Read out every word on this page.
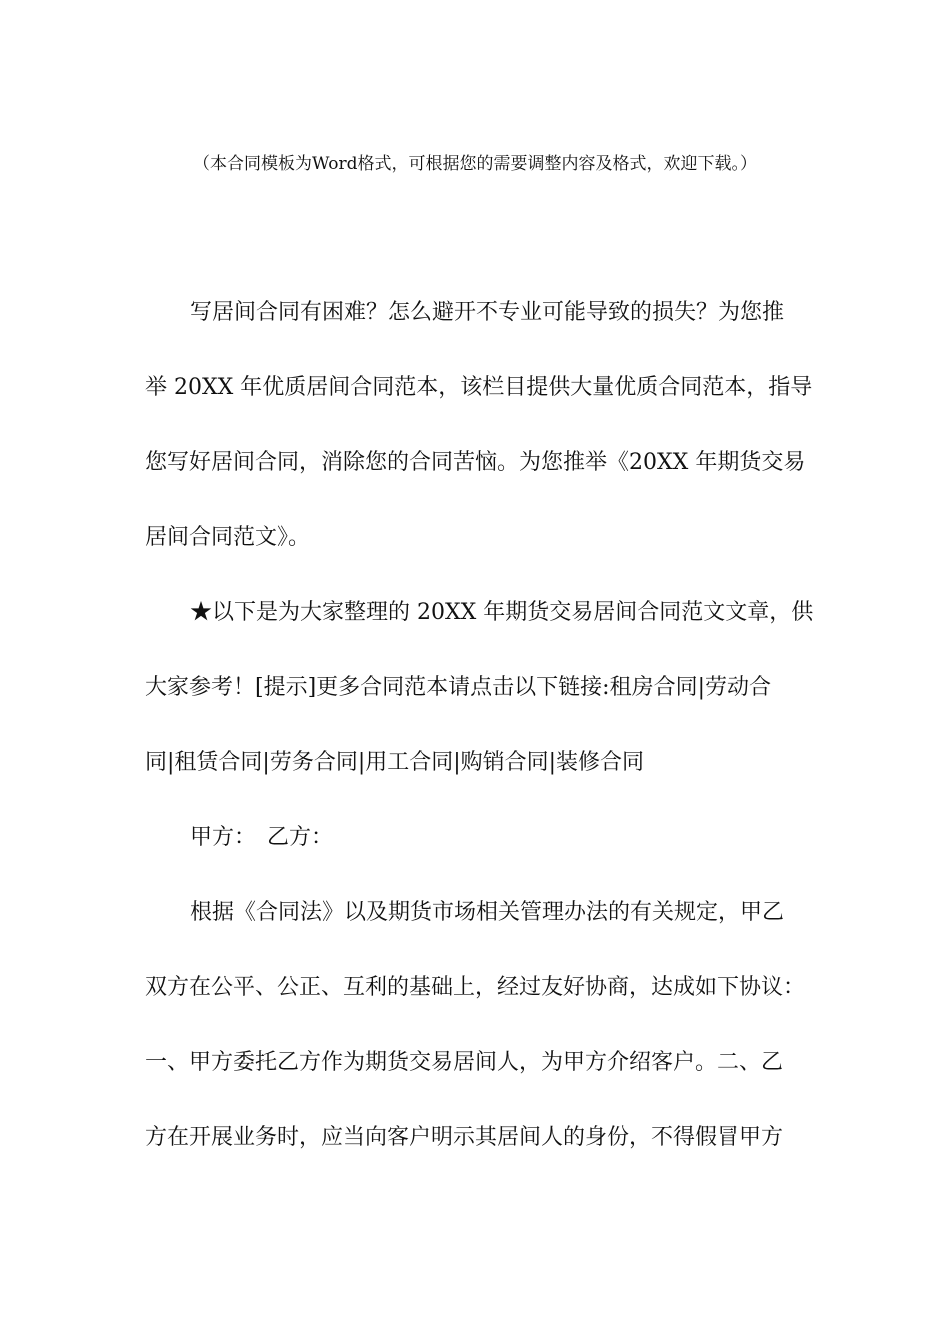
（本合同模板为Word格式，可根据您的需要调整内容及格式，欢迎下载。）
写居间合同有困难？怎么避开不专业可能导致的损失？为您推
举 20XX 年优质居间合同范本，该栏目提供大量优质合同范本，指导
您写好居间合同，消除您的合同苦恼。为您推举《20XX 年期货交易
居间合同范文》。
★以下是为大家整理的 20XX 年期货交易居间合同范文文章，供
大家参考！[提示]更多合同范本请点击以下链接:租房合同|劳动合
同|租赁合同|劳务合同|用工合同|购销合同|装修合同
甲方：　乙方：
根据《合同法》以及期货市场相关管理办法的有关规定，甲乙
双方在公平、公正、互利的基础上，经过友好协商，达成如下协议：
一、甲方委托乙方作为期货交易居间人，为甲方介绍客户。二、乙
方在开展业务时，应当向客户明示其居间人的身份，不得假冒甲方
